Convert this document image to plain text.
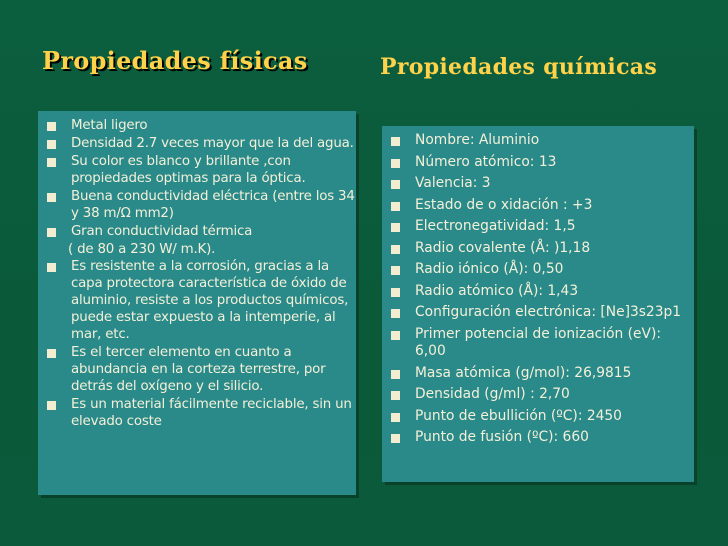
Propiedades físicas	Propiedades químicas
Metal ligero
Densidad 2.7 veces mayor que la del agua.
Su color es blanco y brillante ,con propiedades optimas para la óptica.
Buena conductividad eléctrica (entre los 34 y 38 m/Ω mm2)
Gran conductividad térmica
( de 80 a 230 W/ m.K).
Es resistente a la corrosión, gracias a la capa protectora característica de óxido de aluminio, resiste a los productos químicos, puede estar expuesto a la intemperie, al mar, etc.
Es el tercer elemento en cuanto a abundancia en la corteza terrestre, por detrás del oxígeno y el silicio.
Es un material fácilmente reciclable, sin un elevado coste
Nombre: Aluminio
Número atómico: 13
Valencia: 3
Estado de o xidación : +3
Electronegatividad: 1,5
Radio covalente (Å: )1,18
Radio iónico (Å): 0,50
Radio atómico (Å): 1,43
Configuración electrónica: [Ne]3s23p1
Primer potencial de ionización (eV): 6,00
Masa atómica (g/mol): 26,9815
Densidad (g/ml) : 2,70
Punto de ebullición (ºC): 2450
Punto de fusión (ºC): 660
